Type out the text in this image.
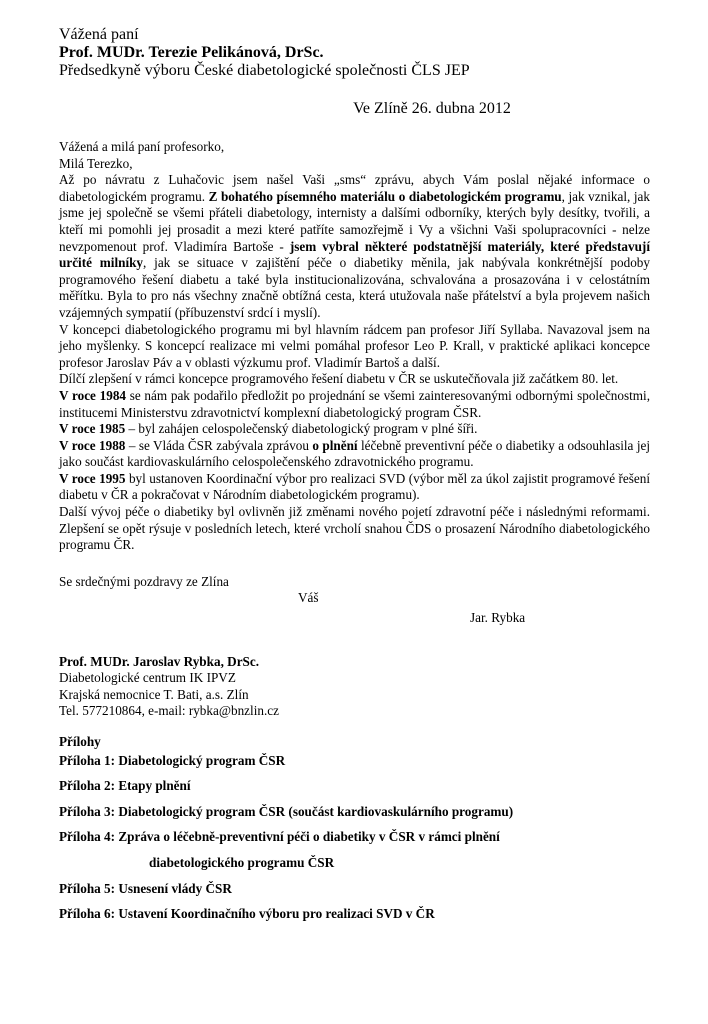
Vážená paní

Prof. MUDr. Terezie Pelikánová, DrSc.

Předsedkyně výboru České diabetologické společnosti ČLS JEP

Ve Zlíně 26. dubna 2012

Vážená a milá paní profesorko,

Milá Terezko,

Až po návratu z Luhačovic jsem našel Vaši „sms“ zprávu, abych Vám poslal nějaké informace o diabetologickém programu. Z bohatého písemného materiálu o diabetologickém programu, jak vznikal, jak jsme jej společně se všemi přáteli diabetology, internisty a dalšími odborníky, kterých byly desítky, tvořili, a kteří mi pomohli jej prosadit a mezi které patříte samozřejmě i Vy a všichni Vaši spolupracovníci - nelze nevzpomenout prof. Vladimíra Bartoše - jsem vybral některé podstatnější materiály, které představují určité milníky, jak se situace v zajištění péče o diabetiky měnila, jak nabývala konkrétnější podoby programového řešení diabetu a také byla institucionalizována, schvalována a prosazována i v celostátním měřítku. Byla to pro nás všechny značně obtížná cesta, která utužovala naše přátelství a byla projevem našich vzájemných sympatií (příbuzenství srdcí i myslí).

V koncepci diabetologického programu mi byl hlavním rádcem pan profesor Jiří Syllaba. Navazoval jsem na jeho myšlenky. S koncepcí realizace mi velmi pomáhal profesor Leo P. Krall, v praktické aplikaci koncepce profesor Jaroslav Páv a v oblasti výzkumu prof. Vladimír Bartoš a další.

Dílčí zlepšení v rámci koncepce programového řešení diabetu v ČR se uskutečňovala již začátkem 80. let.

V roce 1984 se nám pak podařilo předložit po projednání se všemi zainteresovanými odbornými společnostmi, institucemi Ministerstvu zdravotnictví komplexní diabetologický program ČSR.

V roce 1985 – byl zahájen celospolečenský diabetologický program v plné šíři.

V roce 1988 – se Vláda ČSR zabývala zprávou o plnění léčebně preventivní péče o diabetiky a odsouhlasila jej jako součást kardiovaskulárního celospolečenského zdravotnického programu.

V roce 1995 byl ustanoven Koordinační výbor pro realizaci SVD (výbor měl za úkol zajistit programové řešení diabetu v ČR a pokračovat v Národním diabetologickém programu).

Další vývoj péče o diabetiky byl ovlivněn již změnami nového pojetí zdravotní péče i následnými reformami. Zlepšení se opět rýsuje v posledních letech, které vrcholí snahou ČDS o prosazení Národního diabetologického programu ČR.

Se srdečnými pozdravy ze Zlína

Váš

Jar. Rybka

Prof. MUDr. Jaroslav Rybka, DrSc.

Diabetologické centrum IK IPVZ

Krajská nemocnice T. Bati, a.s. Zlín

Tel. 577210864, e-mail: rybka@bnzlin.cz

Přílohy

Příloha 1: Diabetologický program ČSR

Příloha 2: Etapy plnění

Příloha 3: Diabetologický program ČSR (součást kardiovaskulárního programu)

Příloha 4: Zpráva o léčebně-preventivní péči o diabetiky v ČSR v rámci plnění

diabetologického programu ČSR

Příloha 5: Usnesení vlády ČSR

Příloha 6: Ustavení Koordinačního výboru pro realizaci SVD v ČR
